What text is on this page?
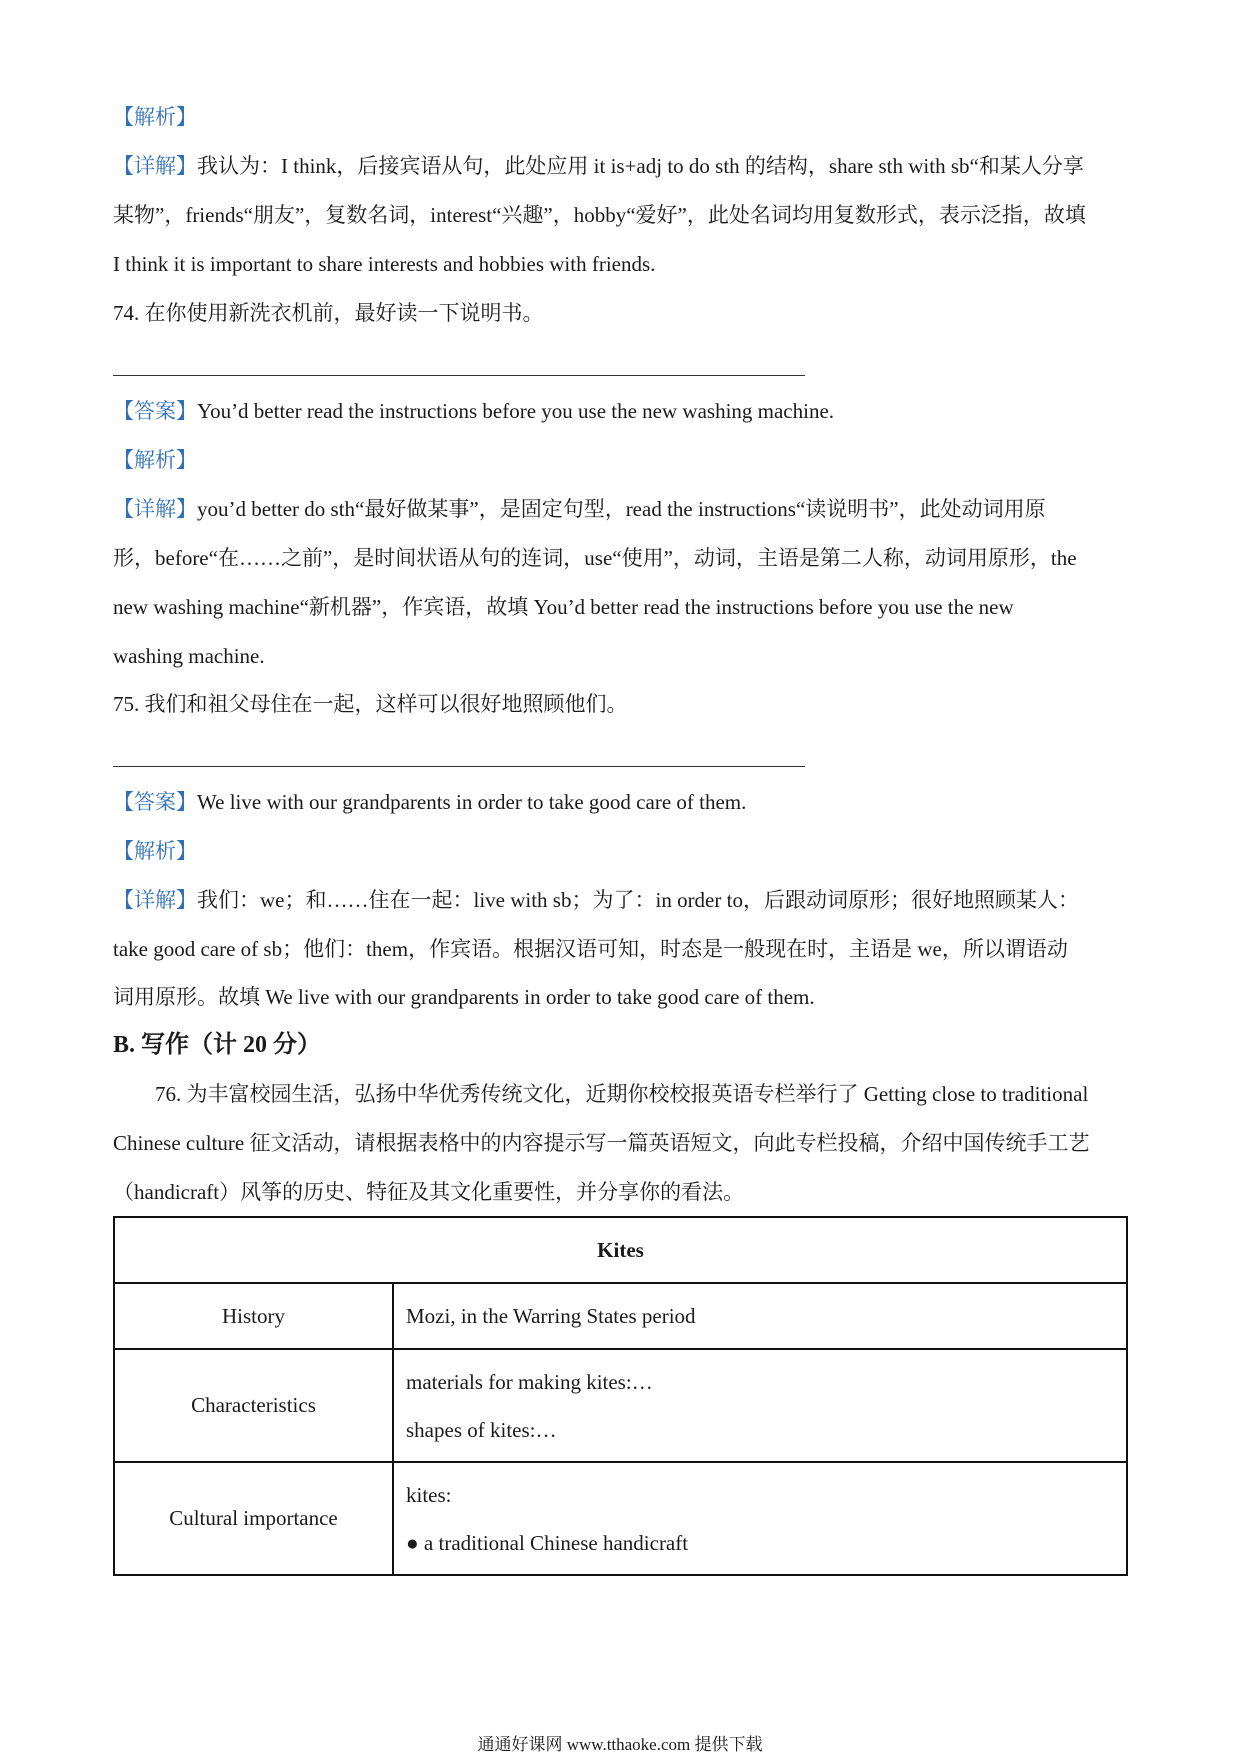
【解析】
【详解】我认为：I think，后接宾语从句，此处应用 it is+adj to do sth 的结构，share sth with sb“和某人分享
某物”，friends“朋友”，复数名词，interest“兴趣”，hobby“爱好”，此处名词均用复数形式，表示泛指，故填
I think it is important to share interests and hobbies with friends.
74. 在你使用新洗衣机前，最好读一下说明书。
【答案】You’d better read the instructions before you use the new washing machine.
【解析】
【详解】you’d better do sth“最好做某事”，是固定句型，read the instructions“读说明书”，此处动词用原
形，before“在……之前”，是时间状语从句的连词，use“使用”，动词，主语是第二人称，动词用原形，the
new washing machine“新机器”，作宾语，故填 You’d better read the instructions before you use the new
washing machine.
75. 我们和祖父母住在一起，这样可以很好地照顾他们。
【答案】We live with our grandparents in order to take good care of them.
【解析】
【详解】我们：we；和……住在一起：live with sb；为了：in order to，后跟动词原形；很好地照顾某人：
take good care of sb；他们：them，作宾语。根据汉语可知，时态是一般现在时，主语是 we，所以谓语动
词用原形。故填 We live with our grandparents in order to take good care of them.
B. 写作（计 20 分）
76. 为丰富校园生活，弘扬中华优秀传统文化，近期你校校报英语专栏举行了 Getting close to traditional
Chinese culture 征文活动，请根据表格中的内容提示写一篇英语短文，向此专栏投稿，介绍中国传统手工艺
（handicraft）风筝的历史、特征及其文化重要性，并分享你的看法。
Kites	
History	Mozi, in the Warring States period

Characteristics	materials for making kites:…
shapes of kites:…

Cultural importance	kites:
● a traditional Chinese handicraft
通通好课网 www.tthaoke.com 提供下载
